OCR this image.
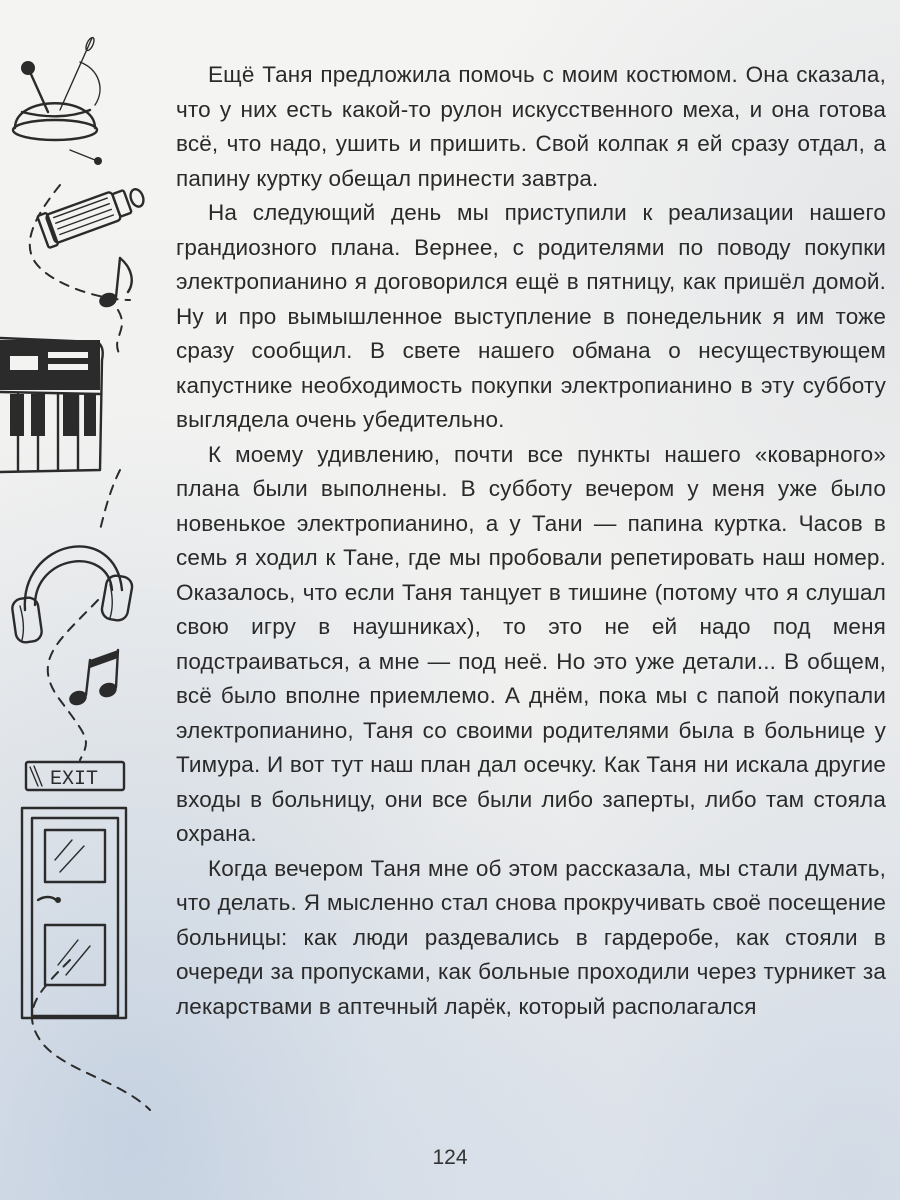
EXIT

Ещё Таня предложила помочь с моим костюмом. Она сказала, что у них есть какой-то рулон искусственного меха, и она готова всё, что надо, ушить и пришить. Свой колпак я ей сразу отдал, а папину куртку обещал принести завтра.

На следующий день мы приступили к реализации нашего грандиозного плана. Вернее, с родителями по поводу покупки электропианино я договорился ещё в пятницу, как пришёл домой. Ну и про вымышленное выступление в понедельник я им тоже сразу сообщил. В свете нашего обмана о несуществующем капустнике необходимость покупки электропианино в эту субботу выглядела очень убедительно.

К моему удивлению, почти все пункты нашего «коварного» плана были выполнены. В субботу вечером у меня уже было новенькое электропианино, а у Тани — папина куртка. Часов в семь я ходил к Тане, где мы пробовали репетировать наш номер. Оказалось, что если Таня танцует в тишине (потому что я слушал свою игру в наушниках), то это не ей надо под меня подстраиваться, а мне — под неё. Но это уже детали... В общем, всё было вполне приемлемо. А днём, пока мы с папой покупали электропианино, Таня со своими родителями была в больнице у Тимура. И вот тут наш план дал осечку. Как Таня ни искала другие входы в больницу, они все были либо заперты, либо там стояла охрана.

Когда вечером Таня мне об этом рассказала, мы стали думать, что делать. Я мысленно стал снова прокручивать своё посещение больницы: как люди раздевались в гардеробе, как стояли в очереди за пропусками, как больные проходили через турникет за лекарствами в аптечный ларёк, который располагался

124
